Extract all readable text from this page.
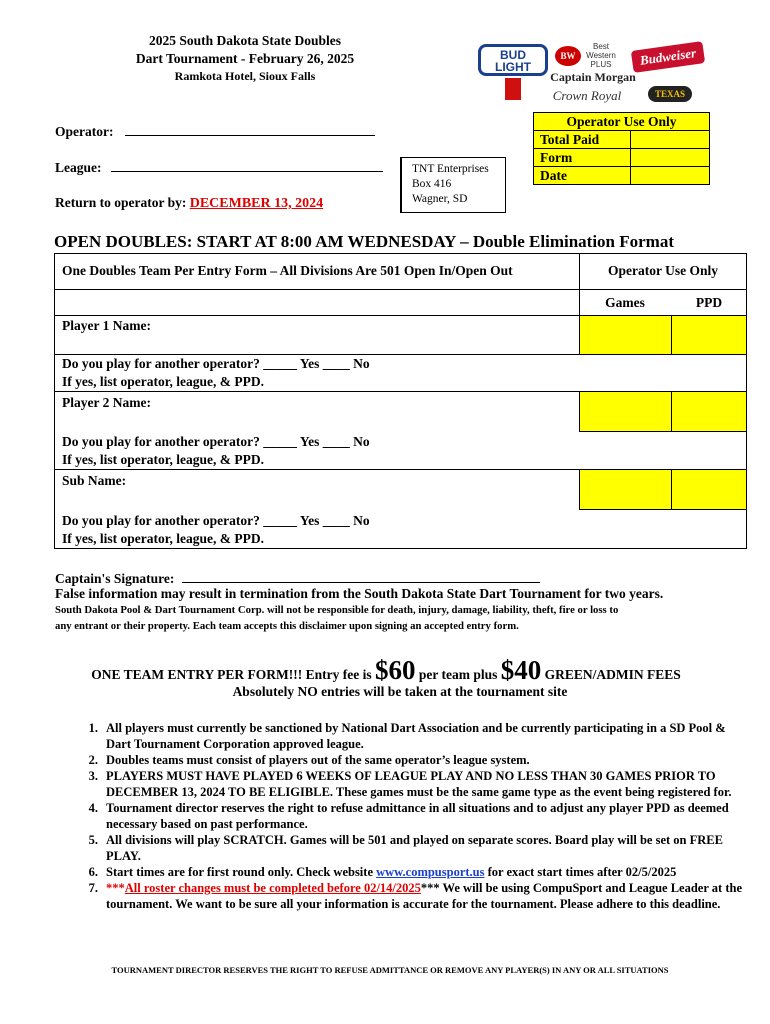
2025 South Dakota State Doubles
Dart Tournament - February 26, 2025
Ramkota Hotel, Sioux Falls
BUD LIGHT
BW
Best Western PLUS	Budweiser
Captain Morgan
Crown Royal	TEXAS
Operator:
League:
Return to operator by: DECEMBER 13, 2024
TNT Enterprises
Box 416
Wagner, SD
Operator Use Only	
Total Paid	
Form	
Date	
OPEN DOUBLES: START AT 8:00 AM WEDNESDAY – Double Elimination Format
One Doubles Team Per Entry Form – All Divisions Are 501 Open In/Open Out	Operator Use Only
Games	PPD
Player 1 Name:
Do you play for another operator? _____ Yes ____ No
If yes, list operator, league, & PPD.
Player 2 Name:
Do you play for another operator? _____ Yes ____ No
If yes, list operator, league, & PPD.
Sub Name:
Do you play for another operator? _____ Yes ____ No
If yes, list operator, league, & PPD.
Captain's Signature:
False information may result in termination from the South Dakota State Dart Tournament for two years.
South Dakota Pool & Dart Tournament Corp. will not be responsible for death, injury, damage, liability, theft, fire or loss to
any entrant or their property. Each team accepts this disclaimer upon signing an accepted entry form.
ONE TEAM ENTRY PER FORM!!! Entry fee is $60 per team plus $40 GREEN/ADMIN FEES
Absolutely NO entries will be taken at the tournament site
1. All players must currently be sanctioned by National Dart Association and be currently participating in a SD Pool & Dart Tournament Corporation approved league.
2. Doubles teams must consist of players out of the same operator’s league system.
3. PLAYERS MUST HAVE PLAYED 6 WEEKS OF LEAGUE PLAY AND NO LESS THAN 30 GAMES PRIOR TO DECEMBER 13, 2024 TO BE ELIGIBLE. These games must be the same game type as the event being registered for.
4. Tournament director reserves the right to refuse admittance in all situations and to adjust any player PPD as deemed necessary based on past performance.
5. All divisions will play SCRATCH. Games will be 501 and played on separate scores. Board play will be set on FREE PLAY.
6. Start times are for first round only. Check website www.compusport.us for exact start times after 02/5/2025
7. ***All roster changes must be completed before 02/14/2025*** We will be using CompuSport and League Leader at the tournament. We want to be sure all your information is accurate for the tournament. Please adhere to this deadline.
TOURNAMENT DIRECTOR RESERVES THE RIGHT TO REFUSE ADMITTANCE OR REMOVE ANY PLAYER(S) IN ANY OR ALL SITUATIONS
